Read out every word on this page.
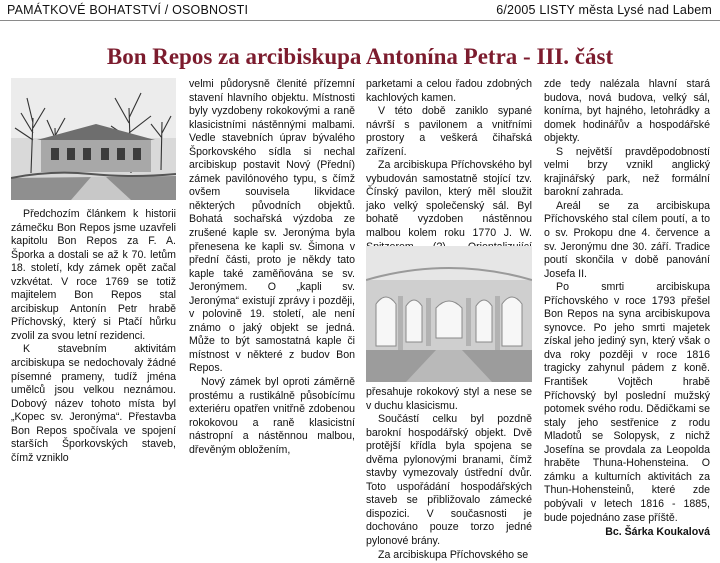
PAMÁTKOVÉ BOHATSTVÍ / OSOBNOSTI	6/2005 LISTY města Lysé nad Labem
Bon Repos za arcibiskupa Antonína Petra - III. část

Předchozím článkem k historii zámečku Bon Repos jsme uzavřeli kapitolu Bon Repos za F. A. Šporka a dostali se až k 70. letům 18. století, kdy zámek opět začal vzkvétat. V roce 1769 se totiž majitelem Bon Repos stal arcibiskup Antonín Petr hrabě Příchovský, který si Ptačí hůrku zvolil za svou letní rezidenci.

K stavebním aktivitám arcibiskupa se nedochovaly žádné písemné prameny, tudíž jména umělců jsou velkou neznámou. Dobový název tohoto místa byl „Kopec sv. Jeronýma“. Přestavba Bon Repos spočívala ve spojení starších Šporkovských staveb, čímž vzniklo

velmi půdorysně členité přízemní stavení hlavního objektu. Místnosti byly vyzdobeny rokokovými a raně klasicistními nástěnnými malbami. Vedle stavebních úprav bývalého Šporkovského sídla si nechal arcibiskup postavit Nový (Přední) zámek pavilónového typu, s čímž ovšem souvisela likvidace některých původních objektů. Bohatá sochařská výzdoba ze zrušené kaple sv. Jeronýma byla přenesena ke kapli sv. Šimona v přední části, proto je někdy tato kaple také zaměňována se sv. Jeronýmem. O „kapli sv. Jeronýma“ existují zprávy i později, v polovině 19. století, ale není známo o jaký objekt se jedná. Může to být samostatná kaple či místnost v některé z budov Bon Repos.

Nový zámek byl oproti záměrně prostému a rustikálně působícímu exteriéru opatřen vnitřně zdobenou rokokovou a raně klasicistní nástropní a nástěnnou malbou, dřevěným obložením,

parketami a celou řadou zdobných kachlových kamen.

V této době zaniklo sypané návrší s pavilonem a vnitřními prostory a veškerá čihařská zařízení.

Za arcibiskupa Příchovského byl vybudován samostatně stojící tzv. Čínský pavilon, který měl sloužit jako velký společenský sál. Byl bohatě vyzdoben nástěnnou malbou kolem roku 1770 J. W.

přesahuje rokokový styl a nese se v duchu klasicismu.

Součástí celku byl pozdně barokní hospodářský objekt. Dvě protější křídla byla spojena se dvěma pylonovými branami, čímž stavby vymezovaly ústřední dvůr. Toto uspořádání hospodářských staveb se přibližovalo zámecké dispozici. V současnosti je dochováno pouze torzo jedné pylonové brány.

Za arcibiskupa Příchovského se

zde tedy nalézala hlavní stará budova, nová budova, velký sál, konírna, byt hajného, letohrádky a domek hodinářův a hospodářské objekty.

S největší pravděpodobností velmi brzy vznikl anglický krajinářský park, než formální barokní zahrada.

Areál se za arcibiskupa Příchovského stal cílem poutí, a to o sv. Prokopu dne 4. července a sv. Jeronýmu dne 30. září. Tradice poutí skončila v době panování Josefa II.

Po smrti arcibiskupa Příchovského v roce 1793 přešel Bon Repos na syna arcibiskupova synovce. Po jeho smrti majetek získal jeho jediný syn, který však o dva roky později v roce 1816 tragicky zahynul pádem z koně. František Vojtěch hrabě Příchovský byl poslední mužský potomek svého rodu. Dědičkami se staly jeho sestřenice z rodu Mladotů se Solopysk, z nichž Josefína se provdala za Leopolda hraběte Thuna-Hohensteina. O zámku a kulturních aktivitách za Thun-Hohensteinů, které zde pobývali v letech 1816 - 1885, bude pojednáno zase příště.

Bc. Šárka Koukalová
